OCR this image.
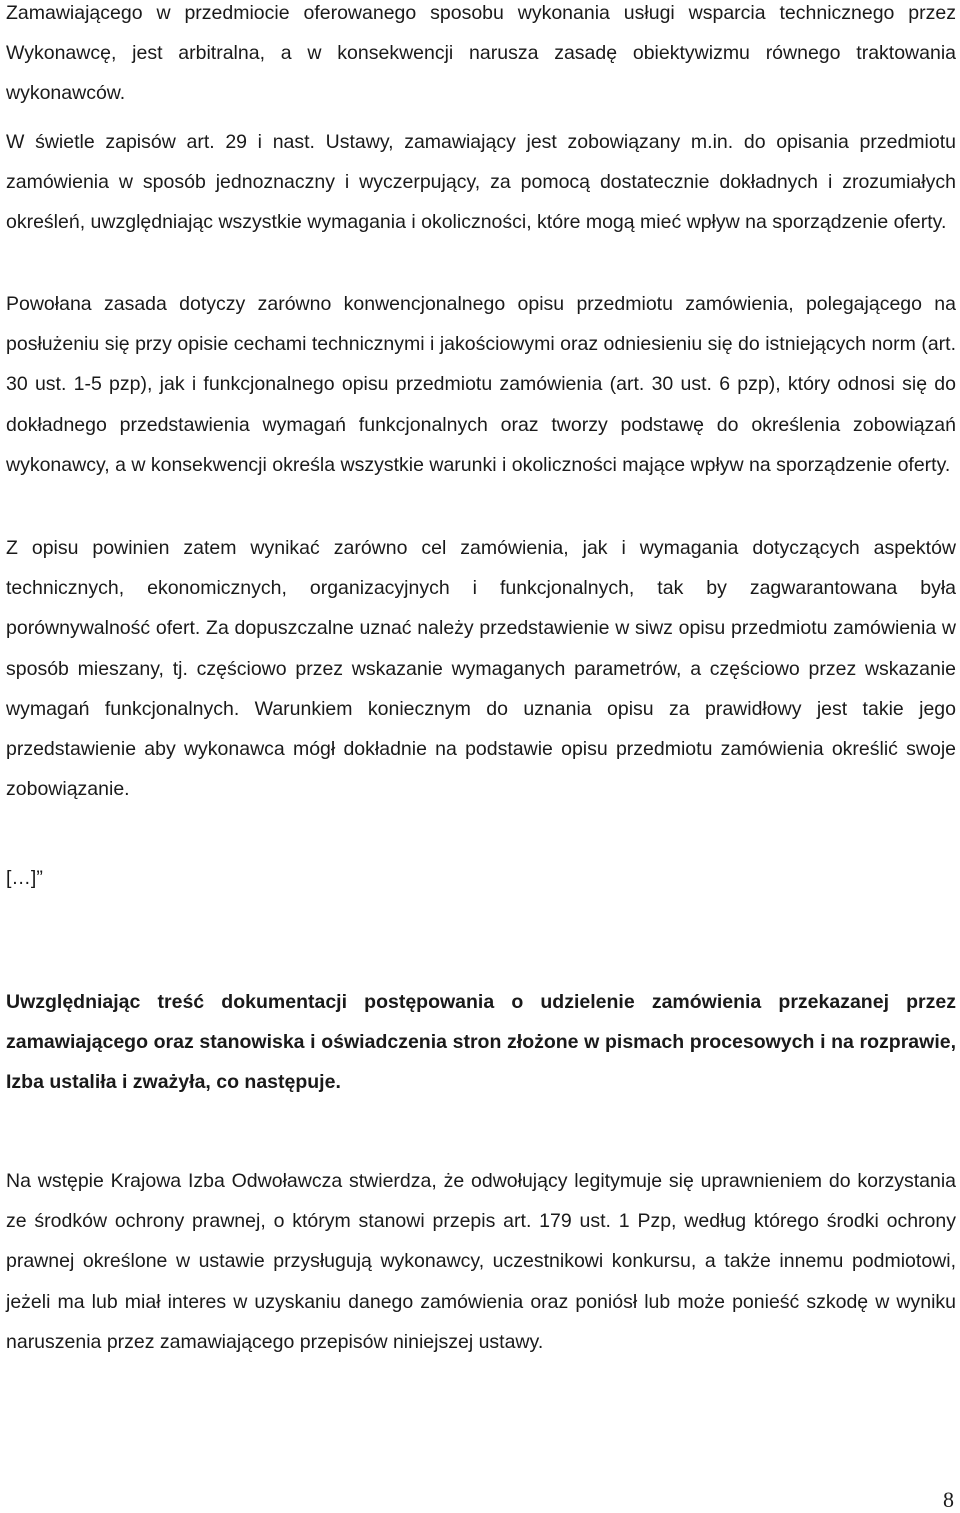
Zamawiającego w przedmiocie oferowanego sposobu wykonania usługi wsparcia technicznego przez Wykonawcę, jest arbitralna, a w konsekwencji narusza zasadę obiektywizmu równego traktowania wykonawców.

W świetle zapisów art. 29 i nast. Ustawy, zamawiający jest zobowiązany m.in. do opisania przedmiotu zamówienia w sposób jednoznaczny i wyczerpujący, za pomocą dostatecznie dokładnych i zrozumiałych określeń, uwzględniając wszystkie wymagania i okoliczności, które mogą mieć wpływ na sporządzenie oferty.

Powołana zasada dotyczy zarówno konwencjonalnego opisu przedmiotu zamówienia, polegającego na posłużeniu się przy opisie cechami technicznymi i jakościowymi oraz odniesieniu się do istniejących norm (art. 30 ust. 1-5 pzp), jak i funkcjonalnego opisu przedmiotu zamówienia (art. 30 ust. 6 pzp), który odnosi się do dokładnego przedstawienia wymagań funkcjonalnych oraz tworzy podstawę do określenia zobowiązań wykonawcy, a w konsekwencji określa wszystkie warunki i okoliczności mające wpływ na sporządzenie oferty.

Z opisu powinien zatem wynikać zarówno cel zamówienia, jak i wymagania dotyczących aspektów technicznych, ekonomicznych, organizacyjnych i funkcjonalnych, tak by zagwarantowana była porównywalność ofert. Za dopuszczalne uznać należy przedstawienie w siwz opisu przedmiotu zamówienia w sposób mieszany, tj. częściowo przez wskazanie wymaganych parametrów, a częściowo przez wskazanie wymagań funkcjonalnych. Warunkiem koniecznym do uznania opisu za prawidłowy jest takie jego przedstawienie aby wykonawca mógł dokładnie na podstawie opisu przedmiotu zamówienia określić swoje zobowiązanie.

[…]”

Uwzględniając treść dokumentacji postępowania o udzielenie zamówienia przekazanej przez zamawiającego oraz stanowiska i oświadczenia stron złożone w pismach procesowych i na rozprawie, Izba ustaliła i zważyła, co następuje.

Na wstępie Krajowa Izba Odwoławcza stwierdza, że odwołujący legitymuje się uprawnieniem do korzystania ze środków ochrony prawnej, o którym stanowi przepis art. 179 ust. 1 Pzp, według którego środki ochrony prawnej określone w ustawie przysługują wykonawcy, uczestnikowi konkursu, a także innemu podmiotowi, jeżeli ma lub miał interes w uzyskaniu danego zamówienia oraz poniósł lub może ponieść szkodę w wyniku naruszenia przez zamawiającego przepisów niniejszej ustawy.

8
